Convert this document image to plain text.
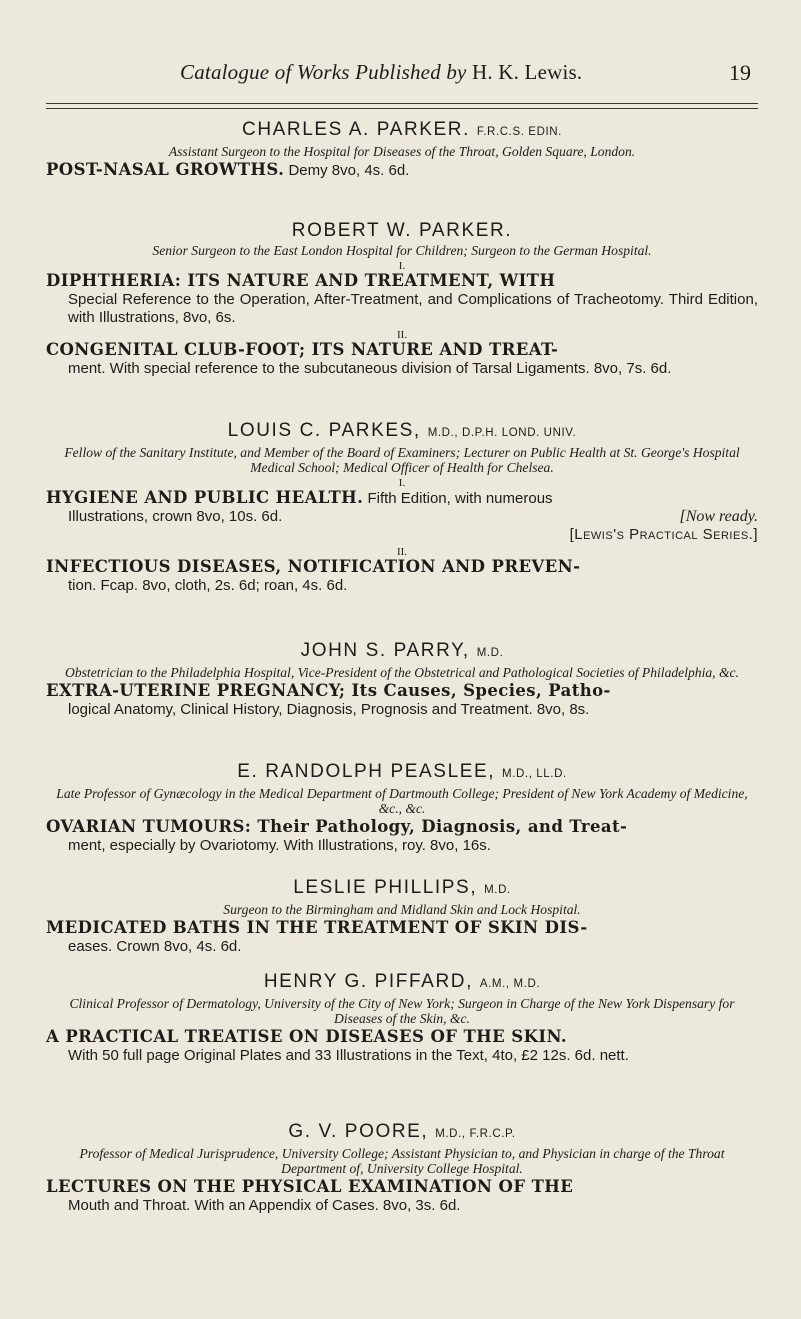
Catalogue of Works Published by H. K. Lewis.	19
CHARLES A. PARKER. F.R.C.S. EDIN.
Assistant Surgeon to the Hospital for Diseases of the Throat, Golden Square, London.
POST-NASAL GROWTHS. Demy 8vo, 4s. 6d.
ROBERT W. PARKER.
Senior Surgeon to the East London Hospital for Children; Surgeon to the German Hospital.
I.
DIPHTHERIA: ITS NATURE AND TREATMENT, WITH
Special Reference to the Operation, After-Treatment, and Complications of Tracheotomy. Third Edition, with Illustrations, 8vo, 6s.
II.
CONGENITAL CLUB-FOOT; ITS NATURE AND TREAT-
ment. With special reference to the subcutaneous division of Tarsal Ligaments. 8vo, 7s. 6d.
LOUIS C. PARKES, M.D., D.P.H. LOND. UNIV.
Fellow of the Sanitary Institute, and Member of the Board of Examiners; Lecturer on Public Health at St. George's Hospital Medical School; Medical Officer of Health for Chelsea.
I.
HYGIENE AND PUBLIC HEALTH. Fifth Edition, with numerous
Illustrations, crown 8vo, 10s. 6d.	[Now ready.
[Lewis's Practical Series.]
II.
INFECTIOUS DISEASES, NOTIFICATION AND PREVEN-
tion. Fcap. 8vo, cloth, 2s. 6d; roan, 4s. 6d.
JOHN S. PARRY, M.D.
Obstetrician to the Philadelphia Hospital, Vice-President of the Obstetrical and Pathological Societies of Philadelphia, &c.
EXTRA-UTERINE PREGNANCY; Its Causes, Species, Patho-
logical Anatomy, Clinical History, Diagnosis, Prognosis and Treatment. 8vo, 8s.
E. RANDOLPH PEASLEE, M.D., LL.D.
Late Professor of Gynæcology in the Medical Department of Dartmouth College; President of New York Academy of Medicine, &c., &c.
OVARIAN TUMOURS: Their Pathology, Diagnosis, and Treat-
ment, especially by Ovariotomy. With Illustrations, roy. 8vo, 16s.
LESLIE PHILLIPS, M.D.
Surgeon to the Birmingham and Midland Skin and Lock Hospital.
MEDICATED BATHS IN THE TREATMENT OF SKIN DIS-
eases. Crown 8vo, 4s. 6d.
HENRY G. PIFFARD, A.M., M.D.
Clinical Professor of Dermatology, University of the City of New York; Surgeon in Charge of the New York Dispensary for Diseases of the Skin, &c.
A PRACTICAL TREATISE ON DISEASES OF THE SKIN.
With 50 full page Original Plates and 33 Illustrations in the Text, 4to, £2 12s. 6d. nett.
G. V. POORE, M.D., F.R.C.P.
Professor of Medical Jurisprudence, University College; Assistant Physician to, and Physician in charge of the Throat Department of, University College Hospital.
LECTURES ON THE PHYSICAL EXAMINATION OF THE
Mouth and Throat. With an Appendix of Cases. 8vo, 3s. 6d.
